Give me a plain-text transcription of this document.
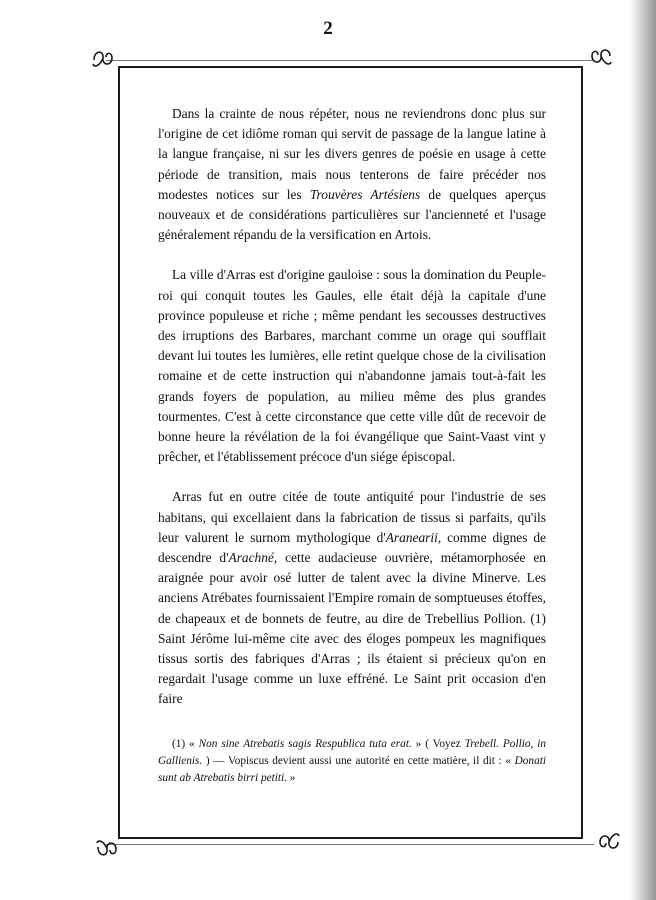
2

Dans la crainte de nous répéter, nous ne reviendrons donc plus sur l'origine de cet idiôme roman qui servit de passage de la langue latine à la langue française, ni sur les divers genres de poésie en usage à cette période de transition, mais nous tenterons de faire précéder nos modestes notices sur les Trouvères Artésiens de quelques aperçus nouveaux et de considérations particulières sur l'ancienneté et l'usage généralement répandu de la versification en Artois.

La ville d'Arras est d'origine gauloise : sous la domination du Peuple-roi qui conquit toutes les Gaules, elle était déjà la capitale d'une province populeuse et riche ; même pendant les secousses destructives des irruptions des Barbares, marchant comme un orage qui soufflait devant lui toutes les lumières, elle retint quelque chose de la civilisation romaine et de cette instruction qui n'abandonne jamais tout-à-fait les grands foyers de population, au milieu même des plus grandes tourmentes. C'est à cette circonstance que cette ville dût de recevoir de bonne heure la révélation de la foi évangélique que Saint-Vaast vint y prêcher, et l'établissement précoce d'un siége épiscopal.

Arras fut en outre citée de toute antiquité pour l'industrie de ses habitans, qui excellaient dans la fabrication de tissus si parfaits, qu'ils leur valurent le surnom mythologique d'Aranearii, comme dignes de descendre d'Arachné, cette audacieuse ouvrière, métamorphosée en araignée pour avoir osé lutter de talent avec la divine Minerve. Les anciens Atrébates fournissaient l'Empire romain de somptueuses étoffes, de chapeaux et de bonnets de feutre, au dire de Trebellius Pollion. (1) Saint Jérôme lui-même cite avec des éloges pompeux les magnifiques tissus sortis des fabriques d'Arras ; ils étaient si précieux qu'on en regardait l'usage comme un luxe effréné. Le Saint prit occasion d'en faire

(1) « Non sine Atrebatis sagis Respublica tuta erat. » ( Voyez Trebell. Pollio, in Gallienis. ) — Vopiscus devient aussi une autorité en cette matière, il dit : « Donati sunt ab Atrebatis birri petiti. »
